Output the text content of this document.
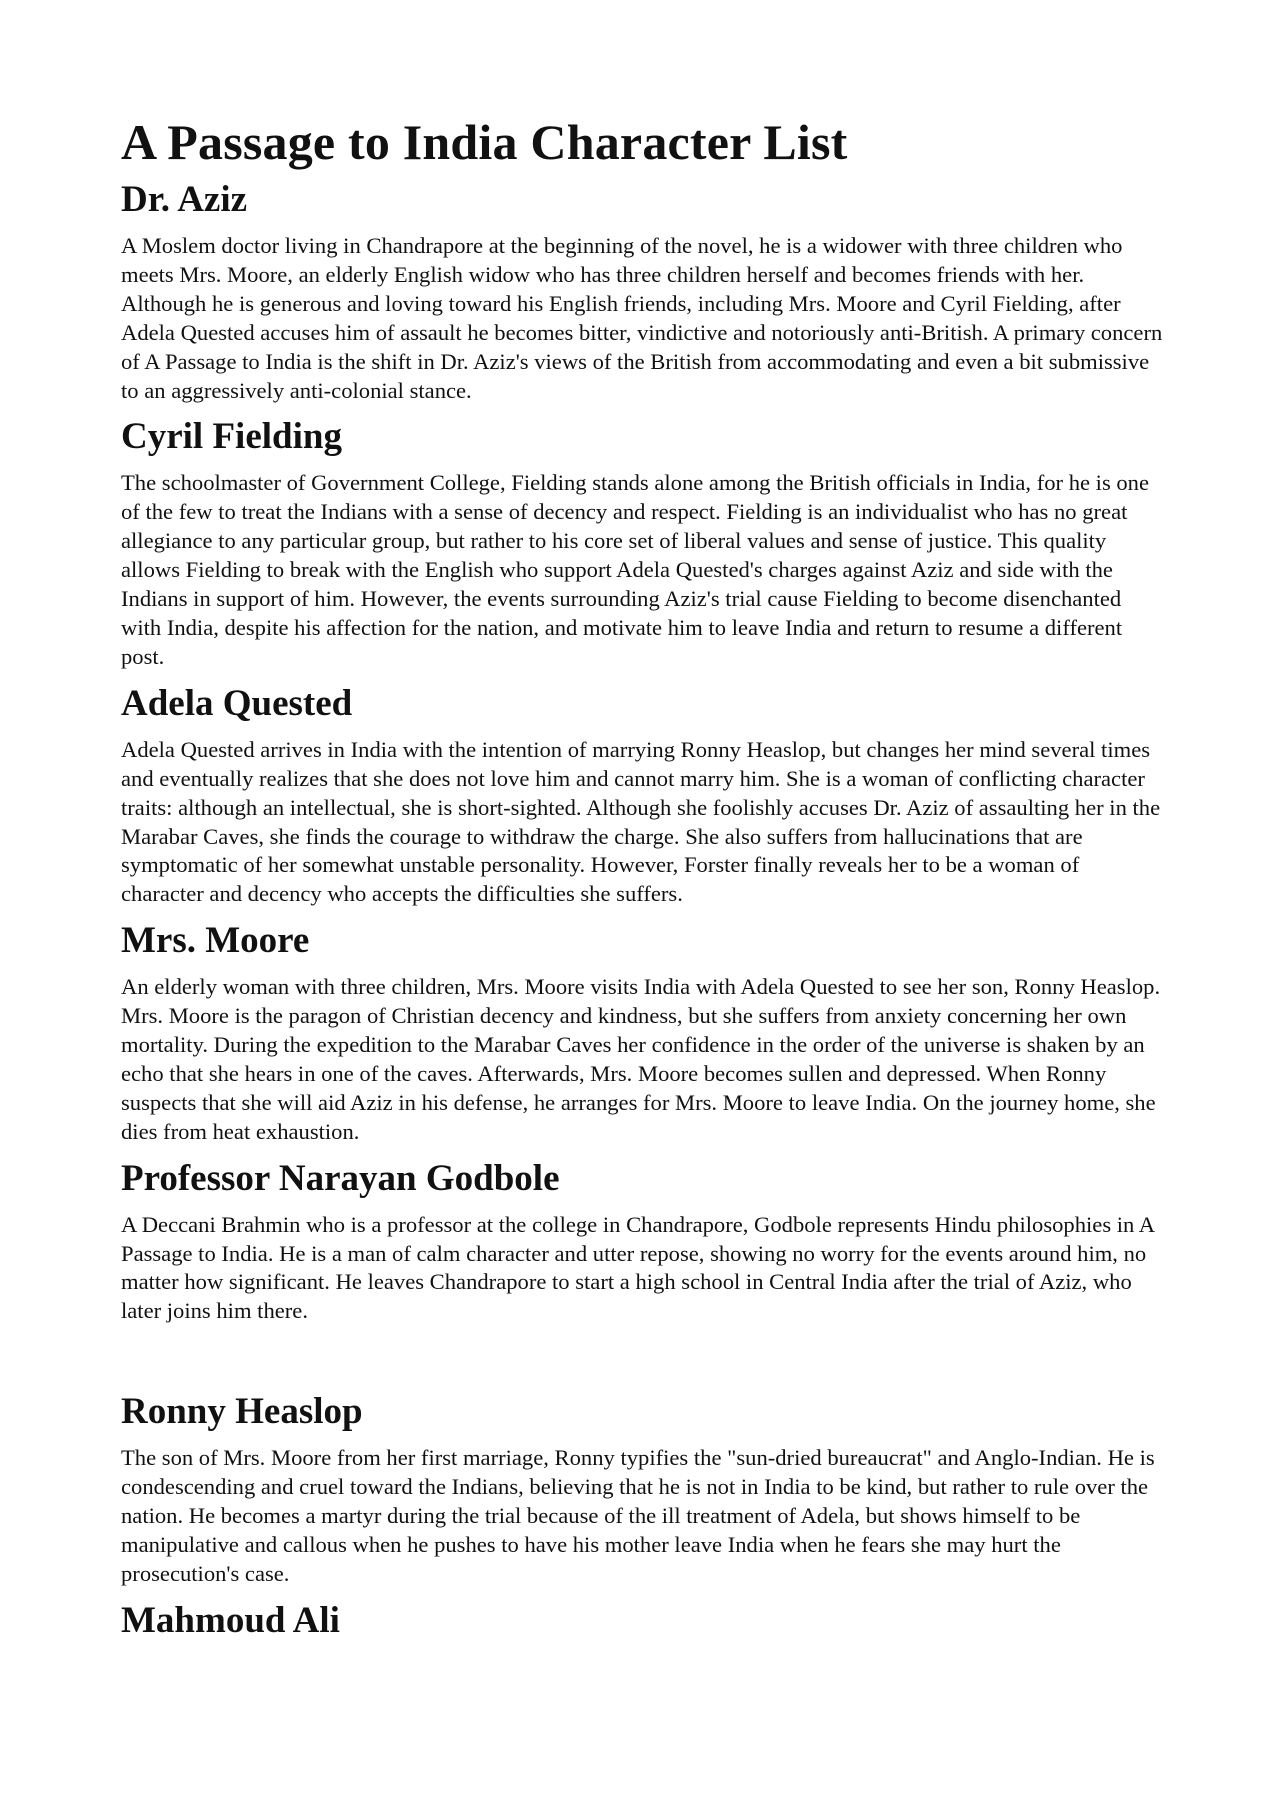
A Passage to India Character List
Dr. Aziz

A Moslem doctor living in Chandrapore at the beginning of the novel, he is a widower with three children who meets Mrs. Moore, an elderly English widow who has three children herself and becomes friends with her. Although he is generous and loving toward his English friends, including Mrs. Moore and Cyril Fielding, after Adela Quested accuses him of assault he becomes bitter, vindictive and notoriously anti-British. A primary concern of A Passage to India is the shift in Dr. Aziz's views of the British from accommodating and even a bit submissive to an aggressively anti-colonial stance.

Cyril Fielding

The schoolmaster of Government College, Fielding stands alone among the British officials in India, for he is one of the few to treat the Indians with a sense of decency and respect. Fielding is an individualist who has no great allegiance to any particular group, but rather to his core set of liberal values and sense of justice. This quality allows Fielding to break with the English who support Adela Quested's charges against Aziz and side with the Indians in support of him. However, the events surrounding Aziz's trial cause Fielding to become disenchanted with India, despite his affection for the nation, and motivate him to leave India and return to resume a different post.

Adela Quested

Adela Quested arrives in India with the intention of marrying Ronny Heaslop, but changes her mind several times and eventually realizes that she does not love him and cannot marry him. She is a woman of conflicting character traits: although an intellectual, she is short-sighted. Although she foolishly accuses Dr. Aziz of assaulting her in the Marabar Caves, she finds the courage to withdraw the charge. She also suffers from hallucinations that are symptomatic of her somewhat unstable personality. However, Forster finally reveals her to be a woman of character and decency who accepts the difficulties she suffers.

Mrs. Moore

An elderly woman with three children, Mrs. Moore visits India with Adela Quested to see her son, Ronny Heaslop. Mrs. Moore is the paragon of Christian decency and kindness, but she suffers from anxiety concerning her own mortality. During the expedition to the Marabar Caves her confidence in the order of the universe is shaken by an echo that she hears in one of the caves. Afterwards, Mrs. Moore becomes sullen and depressed. When Ronny suspects that she will aid Aziz in his defense, he arranges for Mrs. Moore to leave India. On the journey home, she dies from heat exhaustion.

Professor Narayan Godbole

A Deccani Brahmin who is a professor at the college in Chandrapore, Godbole represents Hindu philosophies in A Passage to India. He is a man of calm character and utter repose, showing no worry for the events around him, no matter how significant. He leaves Chandrapore to start a high school in Central India after the trial of Aziz, who later joins him there.

Ronny Heaslop

The son of Mrs. Moore from her first marriage, Ronny typifies the "sun-dried bureaucrat" and Anglo-Indian. He is condescending and cruel toward the Indians, believing that he is not in India to be kind, but rather to rule over the nation. He becomes a martyr during the trial because of the ill treatment of Adela, but shows himself to be manipulative and callous when he pushes to have his mother leave India when he fears she may hurt the prosecution's case.

Mahmoud Ali
